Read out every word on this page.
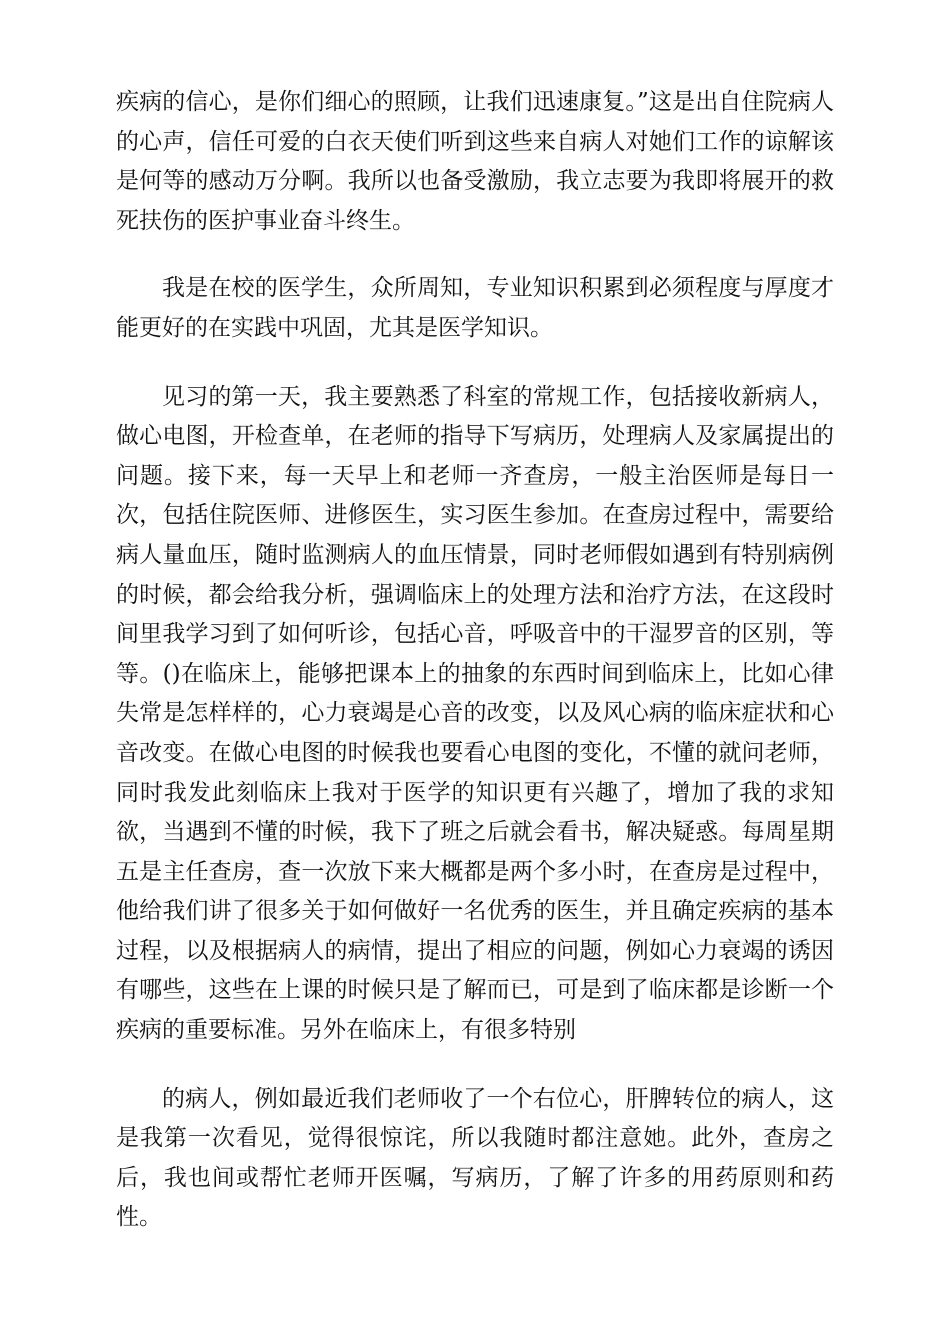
疾病的信心，是你们细心的照顾，让我们迅速康复。”这是出自住院病人的心声，信任可爱的白衣天使们听到这些来自病人对她们工作的谅解该是何等的感动万分啊。我所以也备受激励，我立志要为我即将展开的救死扶伤的医护事业奋斗终生。

我是在校的医学生，众所周知，专业知识积累到必须程度与厚度才能更好的在实践中巩固，尤其是医学知识。

见习的第一天，我主要熟悉了科室的常规工作，包括接收新病人，做心电图，开检查单，在老师的指导下写病历，处理病人及家属提出的问题。接下来，每一天早上和老师一齐查房，一般主治医师是每日一次，包括住院医师、进修医生，实习医生参加。在查房过程中，需要给病人量血压，随时监测病人的血压情景，同时老师假如遇到有特别病例的时候，都会给我分析，强调临床上的处理方法和治疗方法，在这段时间里我学习到了如何听诊，包括心音，呼吸音中的干湿罗音的区别，等等。()在临床上，能够把课本上的抽象的东西时间到临床上，比如心律失常是怎样样的，心力衰竭是心音的改变，以及风心病的临床症状和心音改变。在做心电图的时候我也要看心电图的变化，不懂的就问老师，同时我发此刻临床上我对于医学的知识更有兴趣了，增加了我的求知欲，当遇到不懂的时候，我下了班之后就会看书，解决疑惑。每周星期五是主任查房，查一次放下来大概都是两个多小时，在查房是过程中，他给我们讲了很多关于如何做好一名优秀的医生，并且确定疾病的基本过程，以及根据病人的病情，提出了相应的问题，例如心力衰竭的诱因有哪些，这些在上课的时候只是了解而已，可是到了临床都是诊断一个疾病的重要标准。另外在临床上，有很多特别

的病人，例如最近我们老师收了一个右位心，肝脾转位的病人，这是我第一次看见，觉得很惊诧，所以我随时都注意她。此外，查房之后，我也间或帮忙老师开医嘱，写病历，了解了许多的用药原则和药性。
